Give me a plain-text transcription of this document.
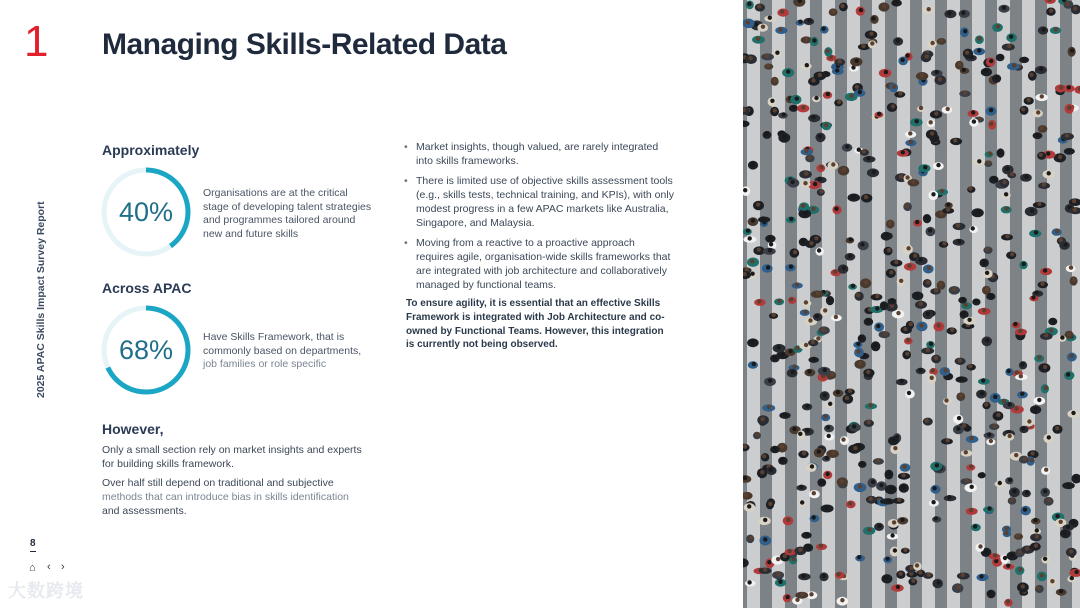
1 Managing Skills-Related Data
2025 APAC Skills Impact Survey Report
Approximately
40%
Organisations are at the critical stage of developing talent strategies and programmes tailored around new and future skills
Across APAC
68%	Have Skills Framework, that is commonly based on departments, job families or role specific
However,
Only a small section rely on market insights and experts for building skills framework.
Over half still depend on traditional and subjective methods that can introduce bias in skills identification and assessments.
• Market insights, though valued, are rarely integrated into skills frameworks.
• There is limited use of objective skills assessment tools (e.g., skills tests, technical training, and KPIs), with only modest progress in a few APAC markets like Australia, Singapore, and Malaysia.
• Moving from a reactive to a proactive approach requires agile, organisation-wide skills frameworks that are integrated with job architecture and collaboratively managed by functional teams.
To ensure agility, it is essential that an effective Skills Framework is integrated with Job Architecture and co-owned by Functional Teams. However, this integration is currently not being observed.
8
⌂ ‹ ›
大数跨境
